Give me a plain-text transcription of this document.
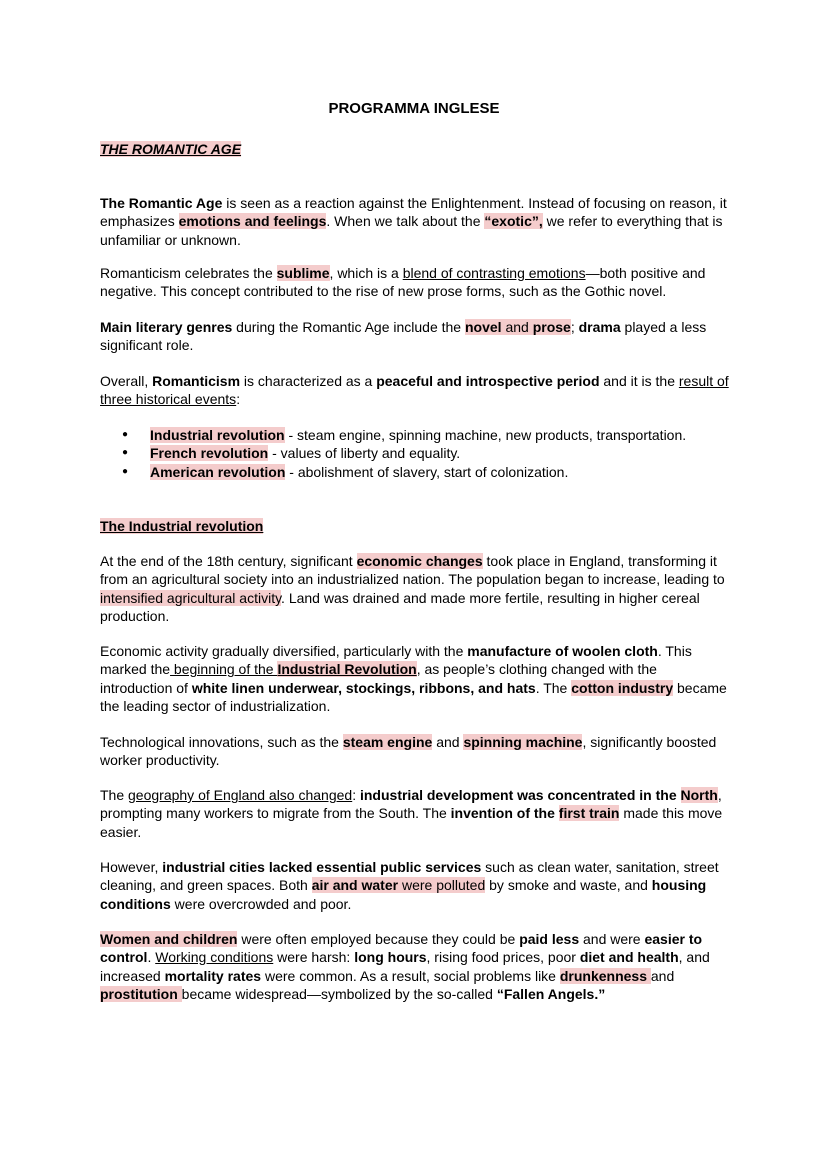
PROGRAMMA INGLESE
THE ROMANTIC AGE
The Romantic Age is seen as a reaction against the Enlightenment. Instead of focusing on reason, it emphasizes emotions and feelings. When we talk about the “exotic”, we refer to everything that is unfamiliar or unknown.
Romanticism celebrates the sublime, which is a blend of contrasting emotions—both positive and negative. This concept contributed to the rise of new prose forms, such as the Gothic novel.
Main literary genres during the Romantic Age include the novel and prose; drama played a less significant role.
Overall, Romanticism is characterized as a peaceful and introspective period and it is the result of three historical events:
● Industrial revolution - steam engine, spinning machine, new products, transportation.
● French revolution - values of liberty and equality.
● American revolution - abolishment of slavery, start of colonization.
The Industrial revolution
At the end of the 18th century, significant economic changes took place in England, transforming it from an agricultural society into an industrialized nation. The population began to increase, leading to intensified agricultural activity. Land was drained and made more fertile, resulting in higher cereal production.
Economic activity gradually diversified, particularly with the manufacture of woolen cloth. This marked the beginning of the Industrial Revolution, as people’s clothing changed with the introduction of white linen underwear, stockings, ribbons, and hats. The cotton industry became the leading sector of industrialization.
Technological innovations, such as the steam engine and spinning machine, significantly boosted worker productivity.
The geography of England also changed: industrial development was concentrated in the North, prompting many workers to migrate from the South. The invention of the first train made this move easier.
However, industrial cities lacked essential public services such as clean water, sanitation, street cleaning, and green spaces. Both air and water were polluted by smoke and waste, and housing conditions were overcrowded and poor.
Women and children were often employed because they could be paid less and were easier to control. Working conditions were harsh: long hours, rising food prices, poor diet and health, and increased mortality rates were common. As a result, social problems like drunkenness and prostitution became widespread—symbolized by the so-called “Fallen Angels.”
